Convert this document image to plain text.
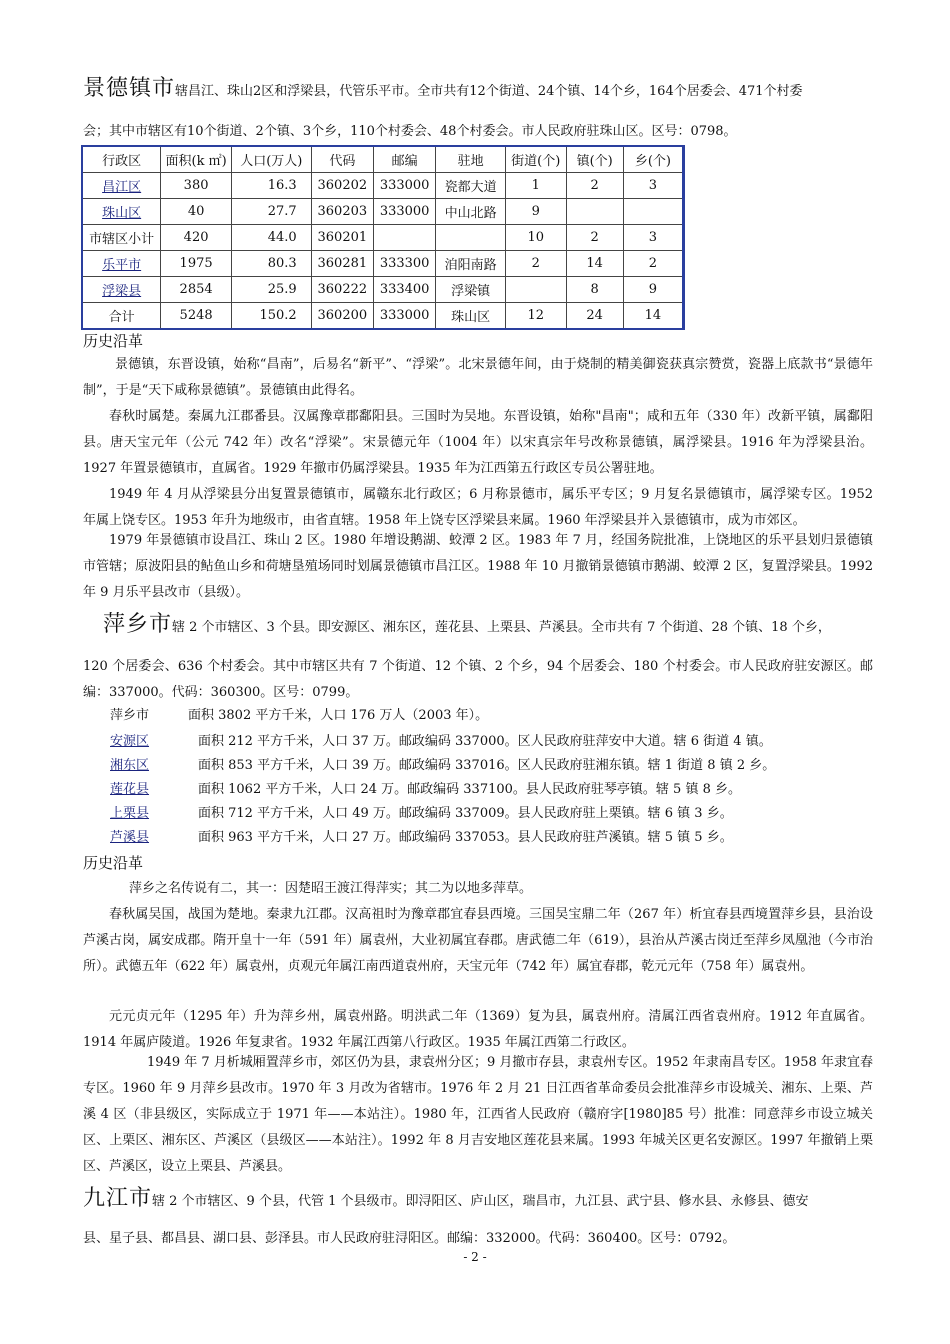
景德镇市辖昌江、珠山2区和浮梁县，代管乐平市。全市共有12个街道、24个镇、14个乡，164个居委会、471个村委

会；其中市辖区有10个街道、2个镇、3个乡，110个村委会、48个村委会。市人民政府驻珠山区。区号：0798。

行政区	面积(k ㎡)	人口(万人)	代码	邮编	驻地	街道(个)	镇(个)	乡(个)
昌江区	380	16.3	360202	333000	瓷都大道	1	2	3
珠山区	40	27.7	360203	333000	中山北路	9		
市辖区小计	420	44.0	360201			10	2	3
乐平市	1975	80.3	360281	333300	洎阳南路	2	14	2
浮梁县	2854	25.9	360222	333400	浮梁镇		8	9
合计	5248	150.2	360200	333000	珠山区	12	24	14
历史沿革

景德镇，东晋设镇，始称“昌南”，后易名“新平”、“浮梁”。北宋景德年间，由于烧制的精美御瓷获真宗赞赏，瓷器上底款书“景德年制”，于是“天下咸称景德镇”。景德镇由此得名。

春秋时属楚。秦属九江郡番县。汉属豫章郡鄱阳县。三国时为吴地。东晋设镇，始称"昌南"；咸和五年（330 年）改新平镇，属鄱阳县。唐天宝元年（公元 742 年）改名“浮梁”。宋景德元年（1004 年）以宋真宗年号改称景德镇，属浮梁县。1916 年为浮梁县治。1927 年置景德镇市，直属省。1929 年撤市仍属浮梁县。1935 年为江西第五行政区专员公署驻地。

1949 年 4 月从浮梁县分出复置景德镇市，属赣东北行政区；6 月称景德市，属乐平专区；9 月复名景德镇市，属浮梁专区。1952 年属上饶专区。1953 年升为地级市，由省直辖。1958 年上饶专区浮梁县来属。1960 年浮梁县并入景德镇市，成为市郊区。

1979 年景德镇市设昌江、珠山 2 区。1980 年增设鹅湖、蛟潭 2 区。1983 年 7 月，经国务院批准，上饶地区的乐平县划归景德镇市管辖；原波阳县的鲇鱼山乡和荷塘垦殖场同时划属景德镇市昌江区。1988 年 10 月撤销景德镇市鹅湖、蛟潭 2 区，复置浮梁县。1992 年 9 月乐平县改市（县级）。

萍乡市辖 2 个市辖区、3 个县。即安源区、湘东区，莲花县、上栗县、芦溪县。全市共有 7 个街道、28 个镇、18 个乡，

120 个居委会、636 个村委会。其中市辖区共有 7 个街道、12 个镇、2 个乡，94 个居委会、180 个村委会。市人民政府驻安源区。邮编：337000。代码：360300。区号：0799。

萍乡市	面积 3802 平方千米，人口 176 万人（2003 年）。
安源区	面积 212 平方千米，人口 37 万。邮政编码 337000。区人民政府驻萍安中大道。辖 6 街道 4 镇。
湘东区	面积 853 平方千米，人口 39 万。邮政编码 337016。区人民政府驻湘东镇。辖 1 街道 8 镇 2 乡。
莲花县	面积 1062 平方千米，人口 24 万。邮政编码 337100。县人民政府驻琴亭镇。辖 5 镇 8 乡。
上栗县	面积 712 平方千米，人口 49 万。邮政编码 337009。县人民政府驻上栗镇。辖 6 镇 3 乡。
芦溪县	面积 963 平方千米，人口 27 万。邮政编码 337053。县人民政府驻芦溪镇。辖 5 镇 5 乡。
历史沿革

萍乡之名传说有二，其一：因楚昭王渡江得萍实；其二为以地多萍草。

春秋属吴国，战国为楚地。秦隶九江郡。汉高祖时为豫章郡宜春县西境。三国吴宝鼎二年（267 年）析宜春县西境置萍乡县，县治设芦溪古岗，属安成郡。隋开皇十一年（591 年）属袁州，大业初属宜春郡。唐武德二年（619），县治从芦溪古岗迁至萍乡凤凰池（今市治所）。武德五年（622 年）属袁州，贞观元年属江南西道袁州府，天宝元年（742 年）属宜春郡，乾元元年（758 年）属袁州。

元元贞元年（1295 年）升为萍乡州，属袁州路。明洪武二年（1369）复为县，属袁州府。清属江西省袁州府。1912 年直属省。1914 年属庐陵道。1926 年复隶省。1932 年属江西第八行政区。1935 年属江西第二行政区。

1949 年 7 月析城厢置萍乡市，郊区仍为县，隶袁州分区；9 月撤市存县，隶袁州专区。1952 年隶南昌专区。1958 年隶宜春专区。1960 年 9 月萍乡县改市。1970 年 3 月改为省辖市。1976 年 2 月 21 日江西省革命委员会批准萍乡市设城关、湘东、上栗、芦溪 4 区（非县级区，实际成立于 1971 年——本站注）。1980 年，江西省人民政府（赣府字[1980]85 号）批准：同意萍乡市设立城关区、上栗区、湘东区、芦溪区（县级区——本站注）。1992 年 8 月吉安地区莲花县来属。1993 年城关区更名安源区。1997 年撤销上栗区、芦溪区，设立上栗县、芦溪县。

九江市辖 2 个市辖区、9 个县，代管 1 个县级市。即浔阳区、庐山区，瑞昌市，九江县、武宁县、修水县、永修县、德安

县、星子县、都昌县、湖口县、彭泽县。市人民政府驻浔阳区。邮编：332000。代码：360400。区号：0792。

- 2 -
